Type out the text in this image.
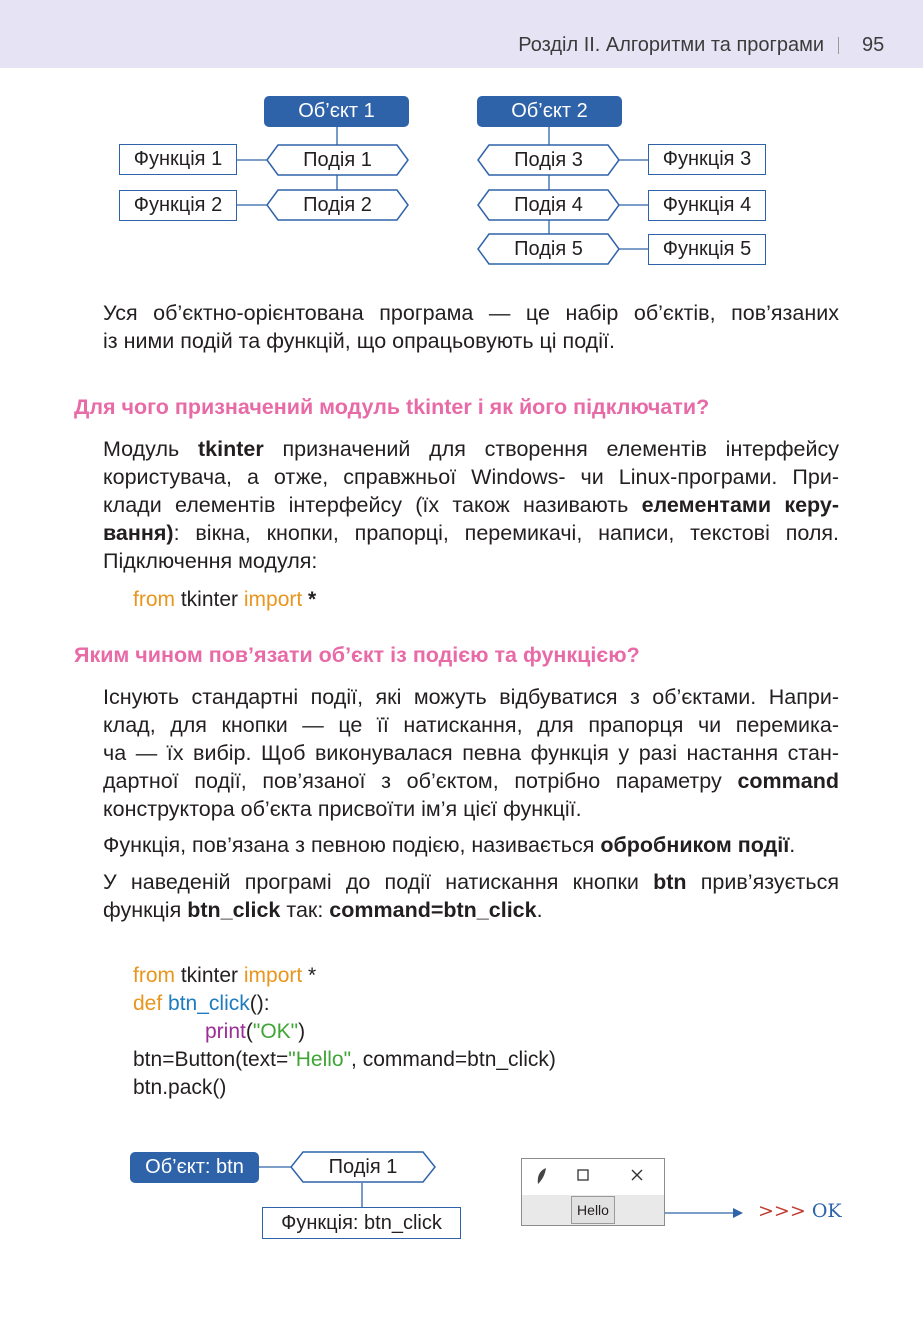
Розділ ІІ. Алгоритми та програми 95
Об’єкт 1	Об’єкт 2
Функція 1
Функція 2
Подія 1
Подія 2
Подія 3
Подія 4
Подія 5
Функція 3
Функція 4
Функція 5
Уся об’єктно-орієнтована програма — це набір об’єктів, пов’язаних
із ними подій та функцій, що опрацьовують ці події.
Для чого призначений модуль tkinter і як його підключати?
Модуль tkinter призначений для створення елементів інтерфейсу
користувача, а отже, справжньої Windows- чи Linux-програми. При-
клади елементів інтерфейсу (їх також називають елементами керу-
вання): вікна, кнопки, прапорці, перемикачі, написи, текстові поля.
Підключення модуля:
from tkinter import *
Яким чином пов’язати об’єкт із подією та функцією?
Існують стандартні події, які можуть відбуватися з об’єктами. Напри-
клад, для кнопки — це її натискання, для прапорця чи перемика-
ча — їх вибір. Щоб виконувалася певна функція у разі настання стан-
дартної події, пов’язаної з об’єктом, потрібно параметру command
конструктора об’єкта присвоїти ім’я цієї функції.
Функція, пов’язана з певною подією, називається обробником події.
У наведеній програмі до події натискання кнопки btn прив’язується
функція btn_click так: command=btn_click.
from tkinter import *
def btn_click():
print("OK")
btn=Button(text="Hello", command=btn_click)
btn.pack()
Об’єкт: btn	Подія 1
Функція: btn_click
Hello	>>> OK
